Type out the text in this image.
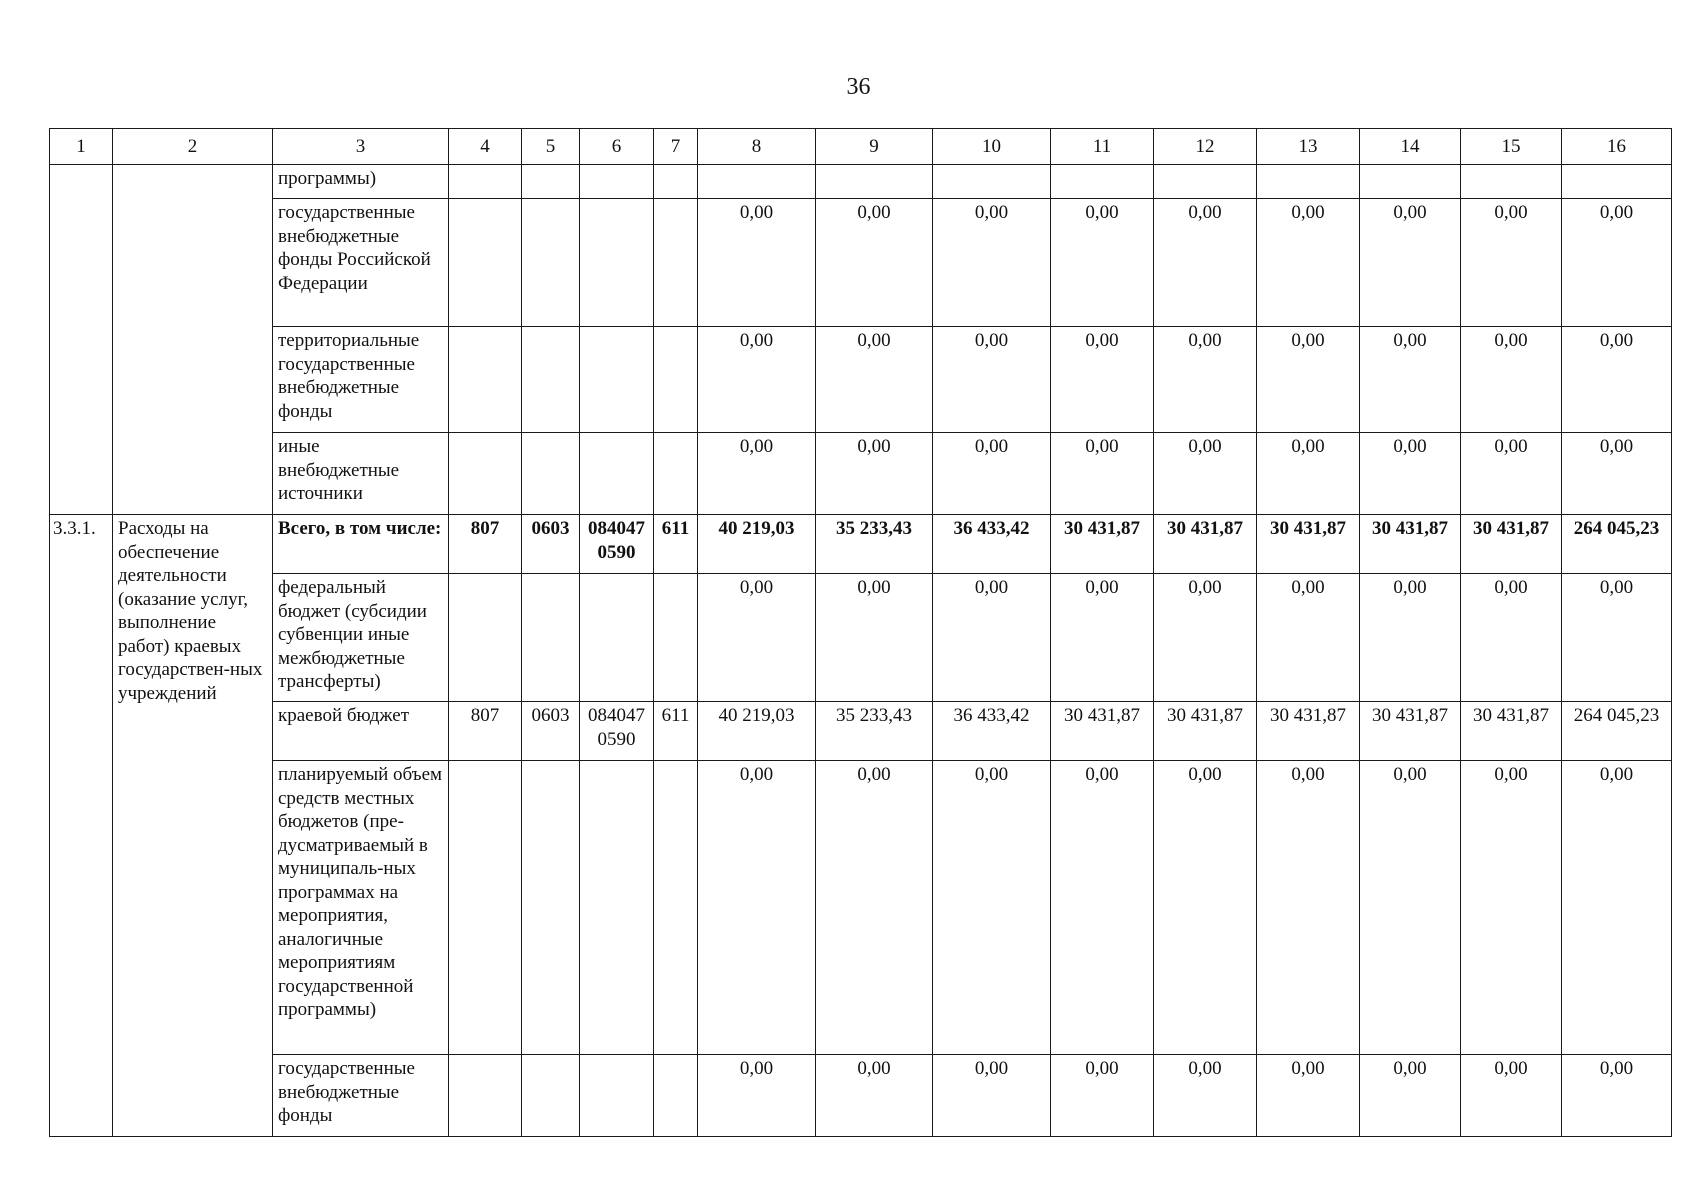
36
1	2	3	4	5	6	7	8	9	10	11	12	13	14	15	16
		программы)													
		государственные внебюджетные фонды Российской Федерации					0,00	0,00	0,00	0,00	0,00	0,00	0,00	0,00	0,00
		территориальные государственные внебюджетные фонды					0,00	0,00	0,00	0,00	0,00	0,00	0,00	0,00	0,00
		иные внебюджетные источники					0,00	0,00	0,00	0,00	0,00	0,00	0,00	0,00	0,00
3.3.1.	Расходы на обеспечение деятельности (оказание услуг, выполнение работ) краевых государствен-ных учреждений	Всего, в том числе:	807	0603	084047 0590	611	40 219,03	35 233,43	36 433,42	30 431,87	30 431,87	30 431,87	30 431,87	30 431,87	264 045,23
		федеральный бюджет (субсидии субвенции иные межбюджетные трансферты)					0,00	0,00	0,00	0,00	0,00	0,00	0,00	0,00	0,00
		краевой бюджет	807	0603	084047 0590	611	40 219,03	35 233,43	36 433,42	30 431,87	30 431,87	30 431,87	30 431,87	30 431,87	264 045,23
		планируемый объем средств местных бюджетов (пре-дусматриваемый в муниципаль-ных программах на мероприятия, аналогичные мероприятиям государственной программы)					0,00	0,00	0,00	0,00	0,00	0,00	0,00	0,00	0,00
		государственные внебюджетные фонды					0,00	0,00	0,00	0,00	0,00	0,00	0,00	0,00	0,00
